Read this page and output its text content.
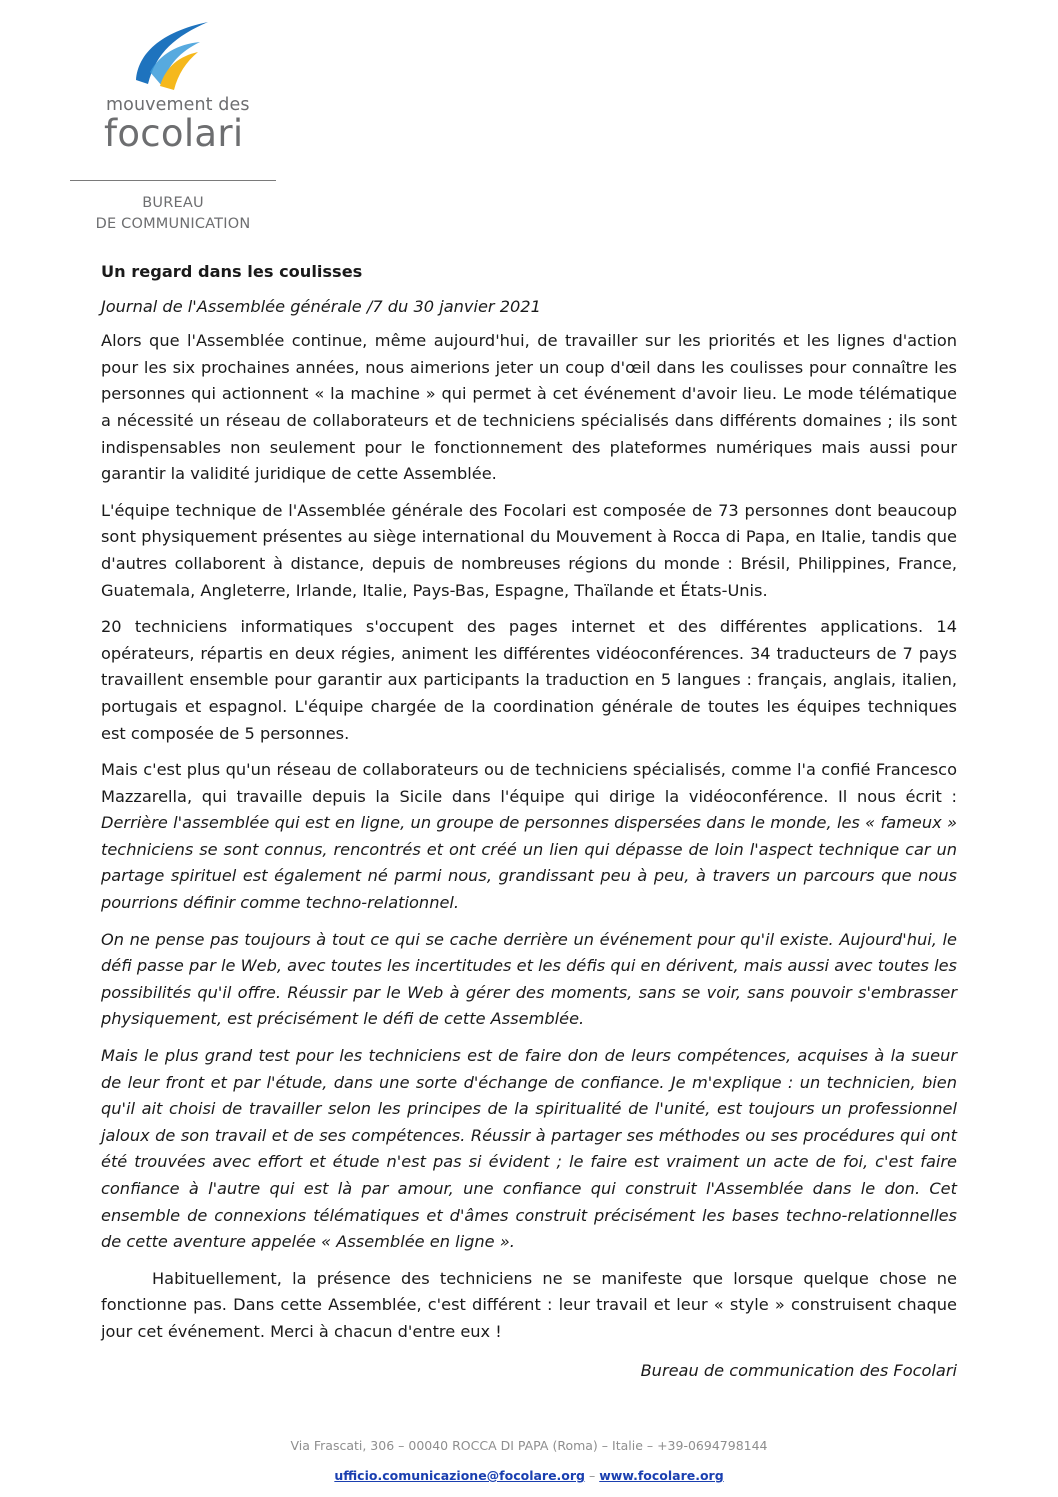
mouvement des
focolari
BUREAU
DE COMMUNICATION

Un regard dans les coulisses

Journal de l'Assemblée générale /7 du 30 janvier 2021

Alors que l'Assemblée continue, même aujourd'hui, de travailler sur les priorités et les lignes d'action pour les six prochaines années, nous aimerions jeter un coup d'œil dans les coulisses pour connaître les personnes qui actionnent « la machine » qui permet à cet événement d'avoir lieu. Le mode télématique a nécessité un réseau de collaborateurs et de techniciens spécialisés dans différents domaines ; ils sont indispensables non seulement pour le fonctionnement des plateformes numériques mais aussi pour garantir la validité juridique de cette Assemblée.

L'équipe technique de l'Assemblée générale des Focolari est composée de 73 personnes dont beaucoup sont physiquement présentes au siège international du Mouvement à Rocca di Papa, en Italie, tandis que d'autres collaborent à distance, depuis de nombreuses régions du monde : Brésil, Philippines, France, Guatemala, Angleterre, Irlande, Italie, Pays-Bas, Espagne, Thaïlande et États-Unis.

20 techniciens informatiques s'occupent des pages internet et des différentes applications. 14 opérateurs, répartis en deux régies, animent les différentes vidéoconférences. 34 traducteurs de 7 pays travaillent ensemble pour garantir aux participants la traduction en 5 langues : français, anglais, italien, portugais et espagnol. L'équipe chargée de la coordination générale de toutes les équipes techniques est composée de 5 personnes.

Mais c'est plus qu'un réseau de collaborateurs ou de techniciens spécialisés, comme l'a confié Francesco Mazzarella, qui travaille depuis la Sicile dans l'équipe qui dirige la vidéoconférence. Il nous écrit : Derrière l'assemblée qui est en ligne, un groupe de personnes dispersées dans le monde, les « fameux » techniciens se sont connus, rencontrés et ont créé un lien qui dépasse de loin l'aspect technique car un partage spirituel est également né parmi nous, grandissant peu à peu, à travers un parcours que nous pourrions définir comme techno-relationnel.

On ne pense pas toujours à tout ce qui se cache derrière un événement pour qu'il existe. Aujourd'hui, le défi passe par le Web, avec toutes les incertitudes et les défis qui en dérivent, mais aussi avec toutes les possibilités qu'il offre. Réussir par le Web à gérer des moments, sans se voir, sans pouvoir s'embrasser physiquement, est précisément le défi de cette Assemblée.

Mais le plus grand test pour les techniciens est de faire don de leurs compétences, acquises à la sueur de leur front et par l'étude, dans une sorte d'échange de confiance. Je m'explique : un technicien, bien qu'il ait choisi de travailler selon les principes de la spiritualité de l'unité, est toujours un professionnel jaloux de son travail et de ses compétences. Réussir à partager ses méthodes ou ses procédures qui ont été trouvées avec effort et étude n'est pas si évident ; le faire est vraiment un acte de foi, c'est faire confiance à l'autre qui est là par amour, une confiance qui construit l'Assemblée dans le don. Cet ensemble de connexions télématiques et d'âmes construit précisément les bases techno-relationnelles de cette aventure appelée « Assemblée en ligne ».

Habituellement, la présence des techniciens ne se manifeste que lorsque quelque chose ne fonctionne pas. Dans cette Assemblée, c'est différent : leur travail et leur « style » construisent chaque jour cet événement. Merci à chacun d'entre eux !

Bureau de communication des Focolari

Via Frascati, 306 – 00040 ROCCA DI PAPA (Roma) – Italie – +39-0694798144
ufficio.comunicazione@focolare.org – www.focolare.org
